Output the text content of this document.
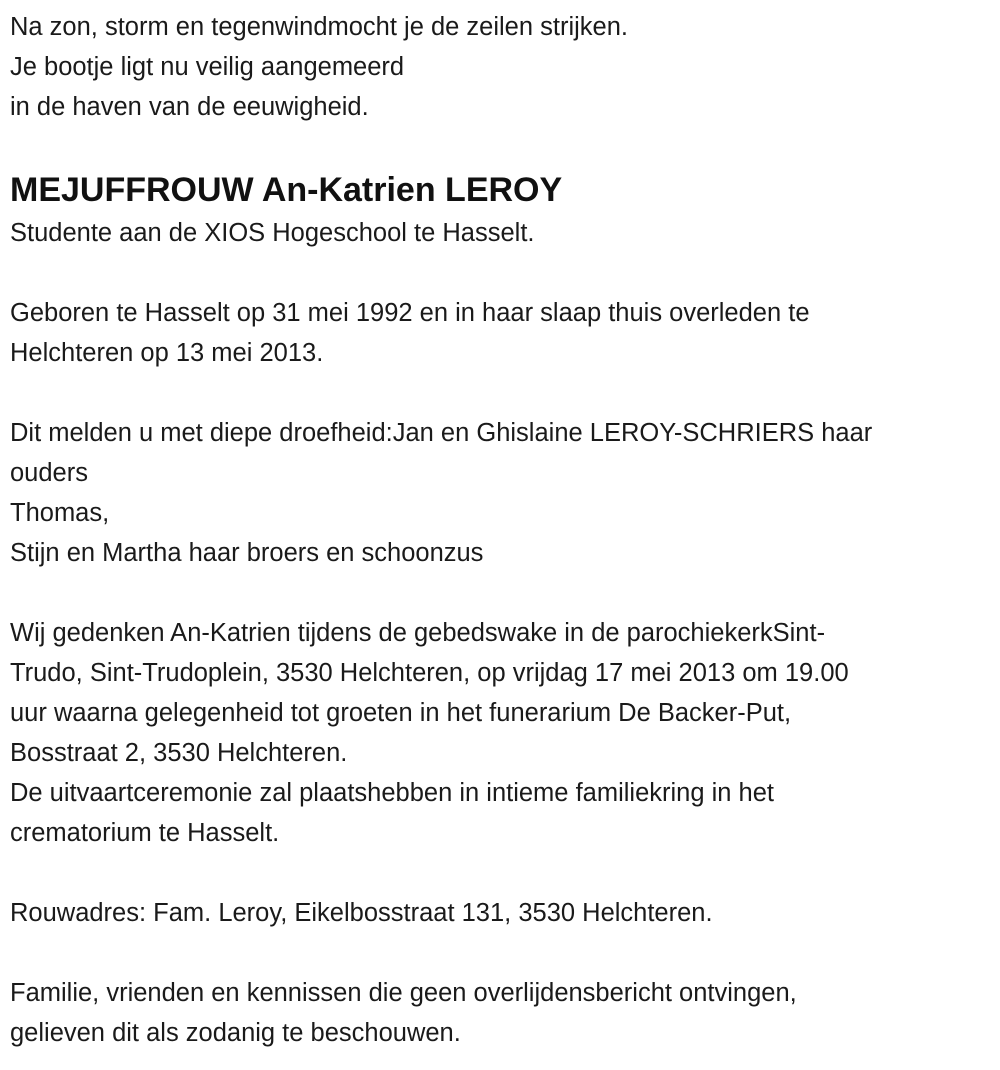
Na zon, storm en tegenwindmocht je de zeilen strijken.
Je bootje ligt nu veilig aangemeerd
in de haven van de eeuwigheid.
MEJUFFROUW An-Katrien LEROY
Studente aan de XIOS Hogeschool te Hasselt.
Geboren te Hasselt op 31 mei 1992 en in haar slaap thuis overleden te
Helchteren op 13 mei 2013.
Dit melden u met diepe droefheid:Jan en Ghislaine LEROY-SCHRIERS haar
ouders
Thomas,
Stijn en Martha haar broers en schoonzus
Wij gedenken An-Katrien tijdens de gebedswake in de parochiekerkSint-
Trudo, Sint-Trudoplein, 3530 Helchteren, op vrijdag 17 mei 2013 om 19.00
uur waarna gelegenheid tot groeten in het funerarium De Backer-Put,
Bosstraat 2, 3530 Helchteren.
De uitvaartceremonie zal plaatshebben in intieme familiekring in het
crematorium te Hasselt.
Rouwadres: Fam. Leroy, Eikelbosstraat 131, 3530 Helchteren.
Familie, vrienden en kennissen die geen overlijdensbericht ontvingen,
gelieven dit als zodanig te beschouwen.
